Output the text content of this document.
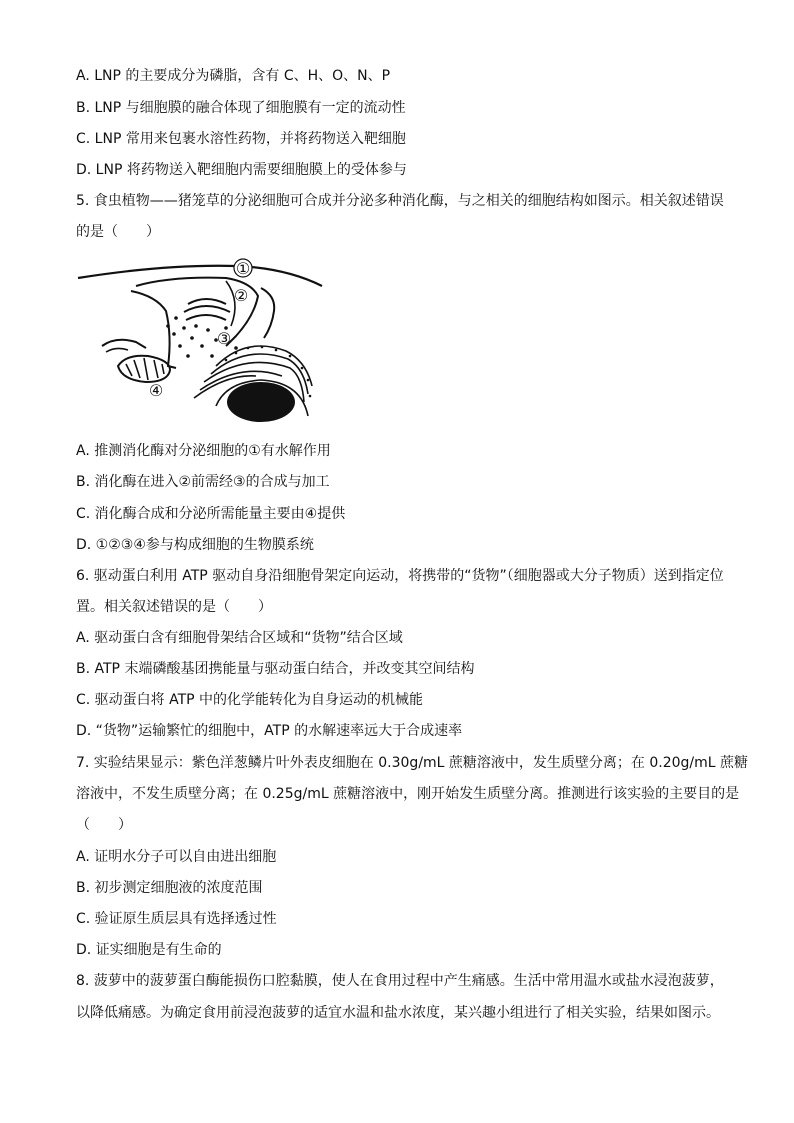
A. LNP 的主要成分为磷脂，含有 C、H、O、N、P
B. LNP 与细胞膜的融合体现了细胞膜有一定的流动性
C. LNP 常用来包裹水溶性药物，并将药物送入靶细胞
D. LNP 将药物送入靶细胞内需要细胞膜上的受体参与
5. 食虫植物——猪笼草的分泌细胞可合成并分泌多种消化酶，与之相关的细胞结构如图示。相关叙述错误
的是（　　）
①
②
③
④
A. 推测消化酶对分泌细胞的①有水解作用
B. 消化酶在进入②前需经③的合成与加工
C. 消化酶合成和分泌所需能量主要由④提供
D. ①②③④参与构成细胞的生物膜系统
6. 驱动蛋白利用 ATP 驱动自身沿细胞骨架定向运动，将携带的“货物”（细胞器或大分子物质）送到指定位
置。相关叙述错误的是（　　）
A. 驱动蛋白含有细胞骨架结合区域和“货物”结合区域
B. ATP 末端磷酸基团携能量与驱动蛋白结合，并改变其空间结构
C. 驱动蛋白将 ATP 中的化学能转化为自身运动的机械能
D. “货物”运输繁忙的细胞中，ATP 的水解速率远大于合成速率
7. 实验结果显示：紫色洋葱鳞片叶外表皮细胞在 0.30g/mL 蔗糖溶液中，发生质壁分离；在 0.20g/mL 蔗糖
溶液中，不发生质壁分离；在 0.25g/mL 蔗糖溶液中，刚开始发生质壁分离。推测进行该实验的主要目的是
（　　）
A. 证明水分子可以自由进出细胞
B. 初步测定细胞液的浓度范围
C. 验证原生质层具有选择透过性
D. 证实细胞是有生命的
8. 菠萝中的菠萝蛋白酶能损伤口腔黏膜，使人在食用过程中产生痛感。生活中常用温水或盐水浸泡菠萝，
以降低痛感。为确定食用前浸泡菠萝的适宜水温和盐水浓度，某兴趣小组进行了相关实验，结果如图示。
